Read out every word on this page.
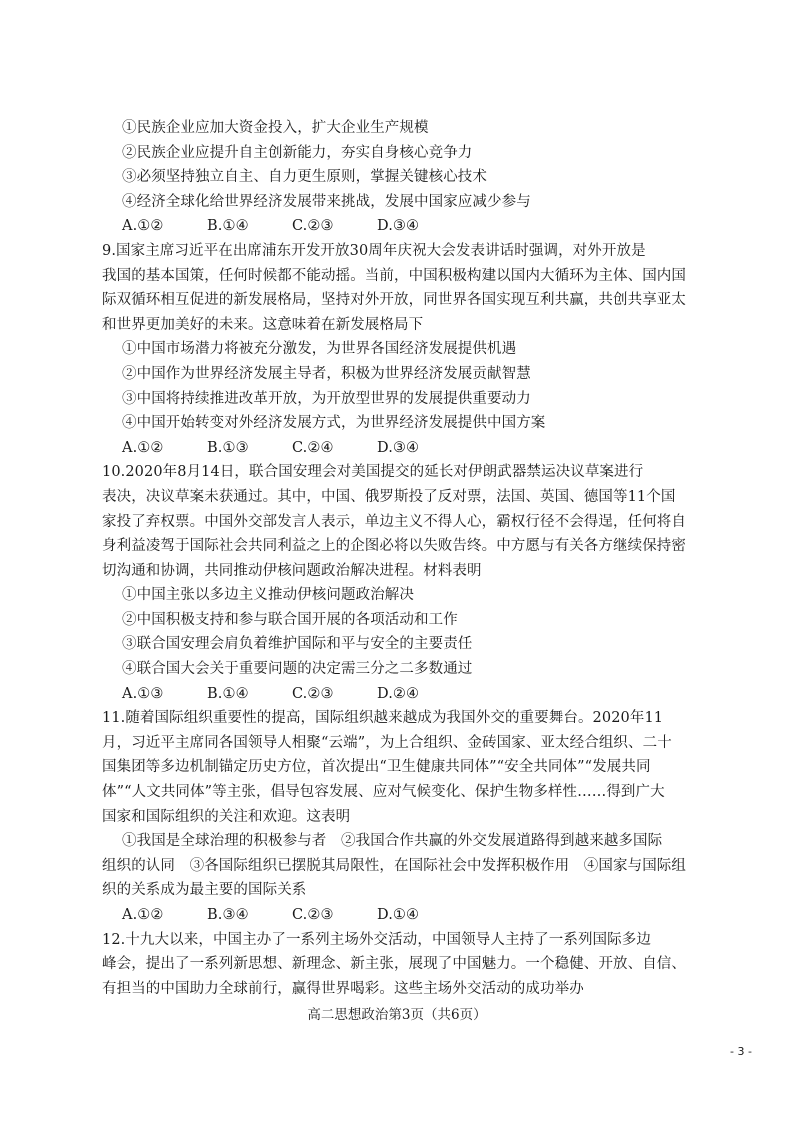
①民族企业应加大资金投入，扩大企业生产规模
②民族企业应提升自主创新能力，夯实自身核心竞争力
③必须坚持独立自主、自力更生原则，掌握关键核心技术
④经济全球化给世界经济发展带来挑战，发展中国家应减少参与
A.①②	B.①④	C.②③	D.③④
9.国家主席习近平在出席浦东开发开放30周年庆祝大会发表讲话时强调，对外开放是
我国的基本国策，任何时候都不能动摇。当前，中国积极构建以国内大循环为主体、国内国
际双循环相互促进的新发展格局，坚持对外开放，同世界各国实现互利共赢，共创共享亚太
和世界更加美好的未来。这意味着在新发展格局下
①中国市场潜力将被充分激发，为世界各国经济发展提供机遇
②中国作为世界经济发展主导者，积极为世界经济发展贡献智慧
③中国将持续推进改革开放，为开放型世界的发展提供重要动力
④中国开始转变对外经济发展方式，为世界经济发展提供中国方案
A.①②	B.①③	C.②④	D.③④
10.2020年8月14日，联合国安理会对美国提交的延长对伊朗武器禁运决议草案进行
表决，决议草案未获通过。其中，中国、俄罗斯投了反对票，法国、英国、德国等11个国
家投了弃权票。中国外交部发言人表示，单边主义不得人心，霸权行径不会得逞，任何将自
身利益凌驾于国际社会共同利益之上的企图必将以失败告终。中方愿与有关各方继续保持密
切沟通和协调，共同推动伊核问题政治解决进程。材料表明
①中国主张以多边主义推动伊核问题政治解决
②中国积极支持和参与联合国开展的各项活动和工作
③联合国安理会肩负着维护国际和平与安全的主要责任
④联合国大会关于重要问题的决定需三分之二多数通过
A.①③	B.①④	C.②③	D.②④
11.随着国际组织重要性的提高，国际组织越来越成为我国外交的重要舞台。2020年11
月，习近平主席同各国领导人相聚“云端”，为上合组织、金砖国家、亚太经合组织、二十
国集团等多边机制锚定历史方位，首次提出“卫生健康共同体”“安全共同体”“发展共同
体”“人文共同体”等主张，倡导包容发展、应对气候变化、保护生物多样性……得到广大
国家和国际组织的关注和欢迎。这表明
①我国是全球治理的积极参与者　②我国合作共赢的外交发展道路得到越来越多国际
组织的认同　③各国际组织已摆脱其局限性，在国际社会中发挥积极作用　④国家与国际组
织的关系成为最主要的国际关系
A.①②	B.③④	C.②③	D.①④
12.十九大以来，中国主办了一系列主场外交活动，中国领导人主持了一系列国际多边
峰会，提出了一系列新思想、新理念、新主张，展现了中国魅力。一个稳健、开放、自信、
有担当的中国助力全球前行，赢得世界喝彩。这些主场外交活动的成功举办
高二思想政治第3页（共6页）
- 3 -
